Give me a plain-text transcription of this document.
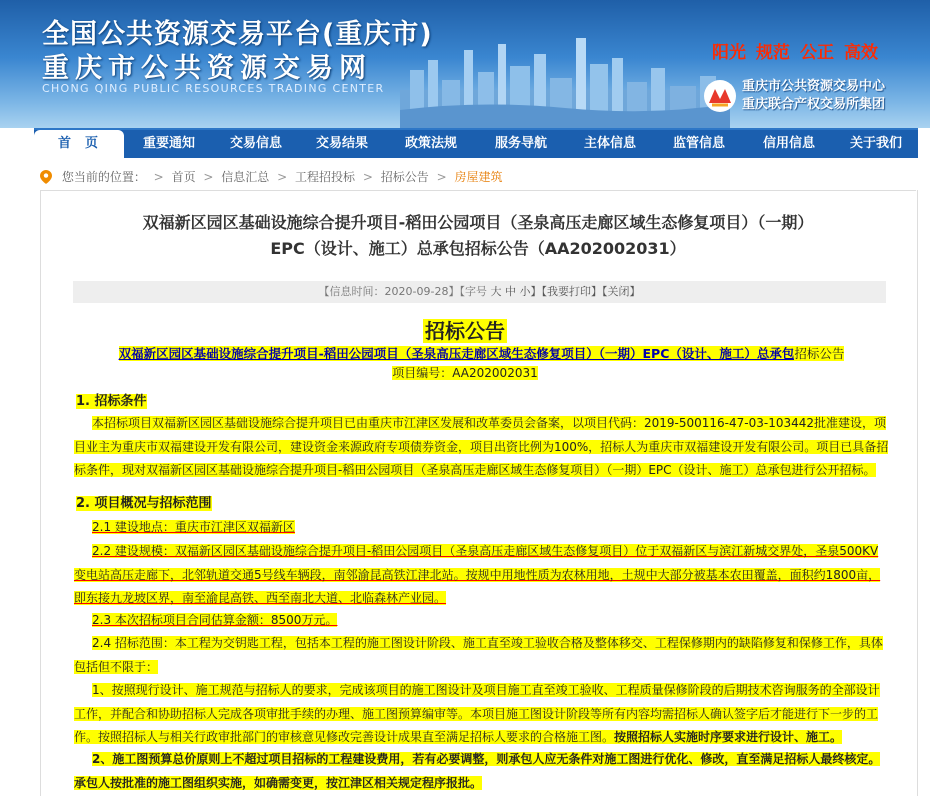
全国公共资源交易平台(重庆市)
重庆市公共资源交易网
CHONG QING PUBLIC RESOURCES TRADING CENTER
阳光 规范 公正 高效
重庆市公共资源交易中心
重庆联合产权交易所集团
首页	重要通知	交易信息	交易结果	政策法规	服务导航	主体信息	监管信息	信用信息	关于我们
您当前的位置： > 首页 > 信息汇总 > 工程招投标 > 招标公告 > 房屋建筑
双福新区园区基础设施综合提升项目-稻田公园项目（圣泉高压走廊区域生态修复项目）（一期）
EPC（设计、施工）总承包招标公告（AA202002031）
【信息时间：2020-09-28】【字号 大 中 小】【我要打印】【关闭】
招标公告
双福新区园区基础设施综合提升项目-稻田公园项目（圣泉高压走廊区域生态修复项目）（一期）EPC（设计、施工）总承包招标公告
项目编号：AA202002031
1. 招标条件
本招标项目双福新区园区基础设施综合提升项目已由重庆市江津区发展和改革委员会备案，以项目代码：2019-500116-47-03-103442批准建设，项目业主为重庆市双福建设开发有限公司，建设资金来源政府专项债券资金，项目出资比例为100%，招标人为重庆市双福建设开发有限公司。项目已具备招标条件，现对双福新区园区基础设施综合提升项目-稻田公园项目（圣泉高压走廊区域生态修复项目）（一期）EPC（设计、施工）总承包进行公开招标。
2. 项目概况与招标范围
2.1 建设地点：重庆市江津区双福新区
2.2 建设规模：双福新区园区基础设施综合提升项目-稻田公园项目（圣泉高压走廊区域生态修复项目）位于双福新区与滨江新城交界处，圣泉500KV变电站高压走廊下，北邻轨道交通5号线车辆段，南邻渝昆高铁江津北站。按规中用地性质为农林用地，土规中大部分被基本农田覆盖，面积约1800亩，即东接九龙坡区界，南至渝昆高铁、西至南北大道、北临森林产业园。
2.3 本次招标项目合同估算金额：8500万元。
2.4 招标范围：本工程为交钥匙工程，包括本工程的施工图设计阶段、施工直至竣工验收合格及整体移交、工程保修期内的缺陷修复和保修工作，具体包括但不限于：
1、按照现行设计、施工规范与招标人的要求，完成该项目的施工图设计及项目施工直至竣工验收、工程质量保修阶段的后期技术咨询服务的全部设计工作，并配合和协助招标人完成各项审批手续的办理、施工图预算编审等。本项目施工图设计阶段等所有内容均需招标人确认签字后才能进行下一步的工作。按照招标人与相关行政审批部门的审核意见修改完善设计成果直至满足招标人要求的合格施工图。按照招标人实施时序要求进行设计、施工。
2、施工图预算总价原则上不超过项目招标的工程建设费用，若有必要调整，则承包人应无条件对施工图进行优化、修改，直至满足招标人最终核定。承包人按批准的施工图组织实施，如确需变更，按江津区相关规定程序报批。
